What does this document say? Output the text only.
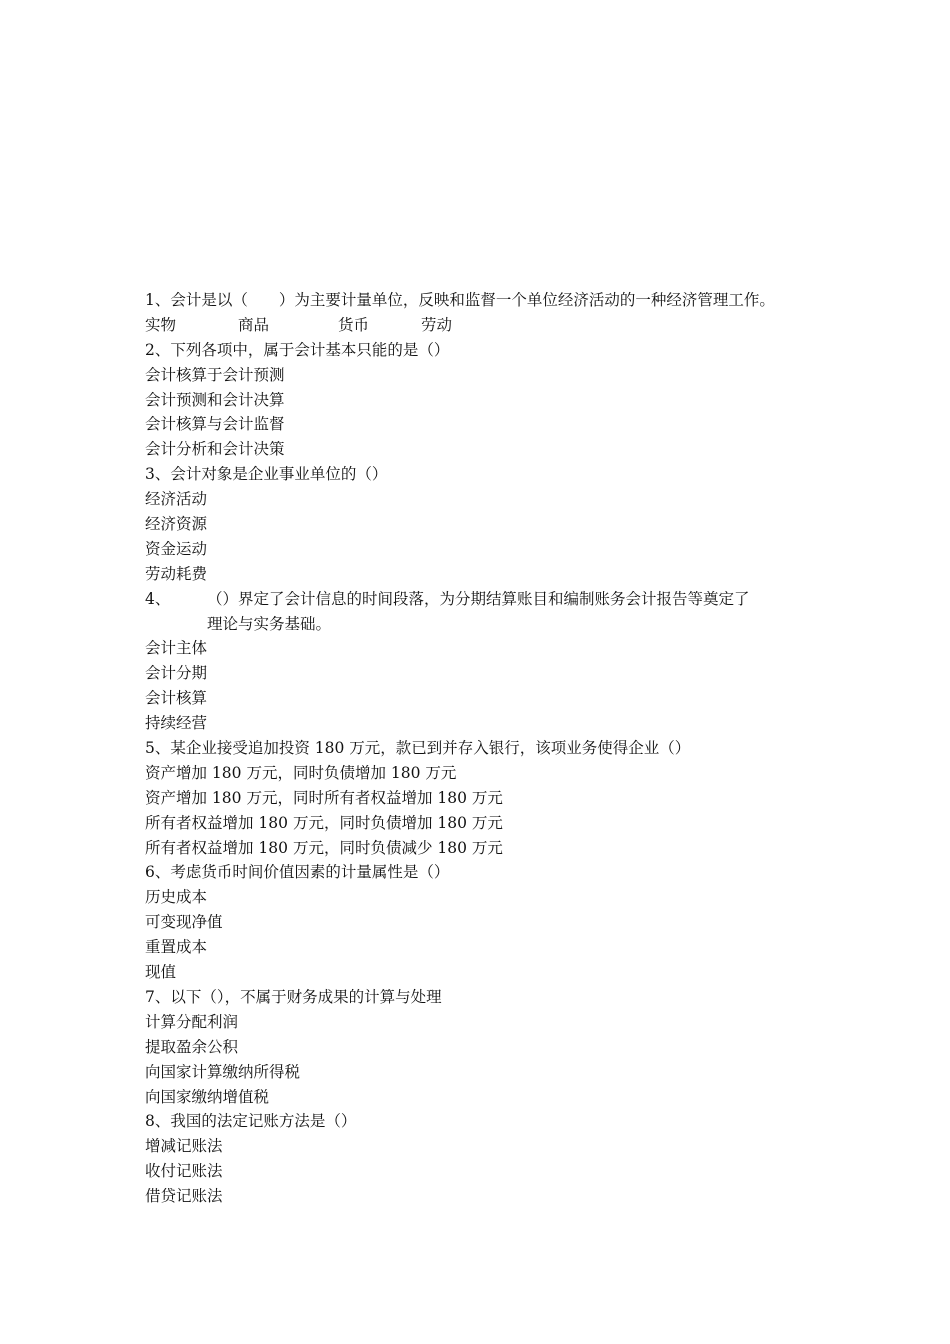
1、会计是以（　　）为主要计量单位，反映和监督一个单位经济活动的一种经济管理工作。
实物	商品	货币	劳动
2、下列各项中，属于会计基本只能的是（）
会计核算于会计预测
会计预测和会计决算
会计核算与会计监督
会计分析和会计决策
3、会计对象是企业事业单位的（）
经济活动
经济资源
资金运动
劳动耗费
4、	（）界定了会计信息的时间段落，为分期结算账目和编制账务会计报告等奠定了
理论与实务基础。
会计主体
会计分期
会计核算
持续经营
5、某企业接受追加投资 180 万元，款已到并存入银行，该项业务使得企业（）
资产增加 180 万元，同时负债增加 180 万元
资产增加 180 万元，同时所有者权益增加 180 万元
所有者权益增加 180 万元，同时负债增加 180 万元
所有者权益增加 180 万元，同时负债减少 180 万元
6、考虑货币时间价值因素的计量属性是（）
历史成本
可变现净值
重置成本
现值
7、以下（），不属于财务成果的计算与处理
计算分配利润
提取盈余公积
向国家计算缴纳所得税
向国家缴纳增值税
8、我国的法定记账方法是（）
增减记账法
收付记账法
借贷记账法
